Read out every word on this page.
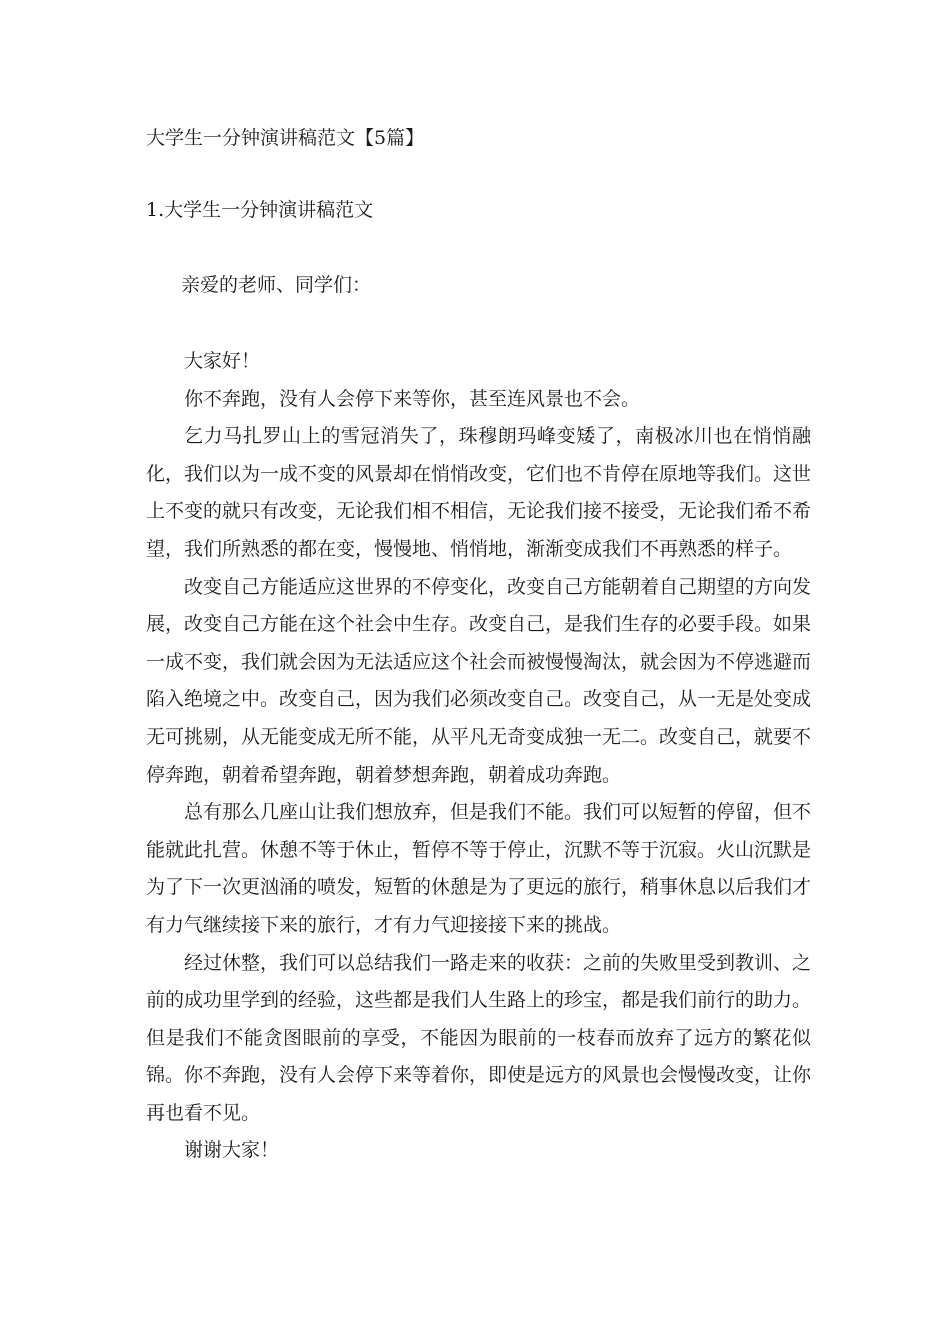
大学生一分钟演讲稿范文【5篇】
1.大学生一分钟演讲稿范文
亲爱的老师、同学们：

大家好！

你不奔跑，没有人会停下来等你，甚至连风景也不会。

乞力马扎罗山上的雪冠消失了，珠穆朗玛峰变矮了，南极冰川也在悄悄融化，我们以为一成不变的风景却在悄悄改变，它们也不肯停在原地等我们。这世上不变的就只有改变，无论我们相不相信，无论我们接不接受，无论我们希不希望，我们所熟悉的都在变，慢慢地、悄悄地，渐渐变成我们不再熟悉的样子。

改变自己方能适应这世界的不停变化，改变自己方能朝着自己期望的方向发展，改变自己方能在这个社会中生存。改变自己，是我们生存的必要手段。如果一成不变，我们就会因为无法适应这个社会而被慢慢淘汰，就会因为不停逃避而陷入绝境之中。改变自己，因为我们必须改变自己。改变自己，从一无是处变成无可挑剔，从无能变成无所不能，从平凡无奇变成独一无二。改变自己，就要不停奔跑，朝着希望奔跑，朝着梦想奔跑，朝着成功奔跑。

总有那么几座山让我们想放弃，但是我们不能。我们可以短暂的停留，但不能就此扎营。休憩不等于休止，暂停不等于停止，沉默不等于沉寂。火山沉默是为了下一次更汹涌的喷发，短暂的休憩是为了更远的旅行，稍事休息以后我们才有力气继续接下来的旅行，才有力气迎接接下来的挑战。

经过休整，我们可以总结我们一路走来的收获：之前的失败里受到教训、之前的成功里学到的经验，这些都是我们人生路上的珍宝，都是我们前行的助力。但是我们不能贪图眼前的享受，不能因为眼前的一枝春而放弃了远方的繁花似锦。你不奔跑，没有人会停下来等着你，即使是远方的风景也会慢慢改变，让你再也看不见。

谢谢大家！
